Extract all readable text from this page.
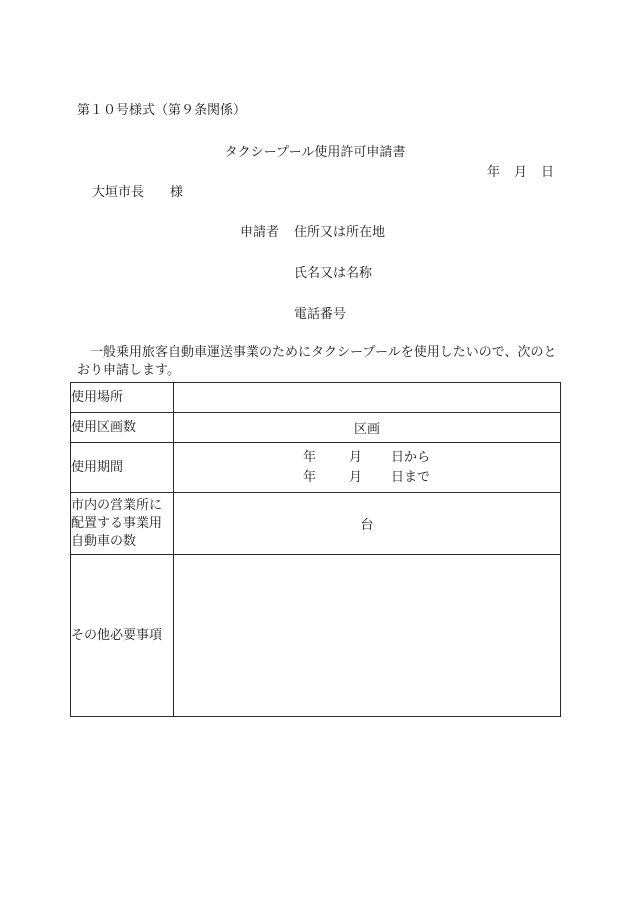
第１０号様式（第９条関係）
タクシープール使用許可申請書
年 月 日
大垣市長 様
申請者 住所又は所在地
氏名又は名称
電話番号
一般乗用旅客自動車運送事業のためにタクシープールを使用したいので、次のとおり申請します。
使用場所	
使用区画数	区画
使用期間	年 月 日から
年 月 日まで

市内の営業所に配置する事業用自動車の数	台
その他必要事項	
